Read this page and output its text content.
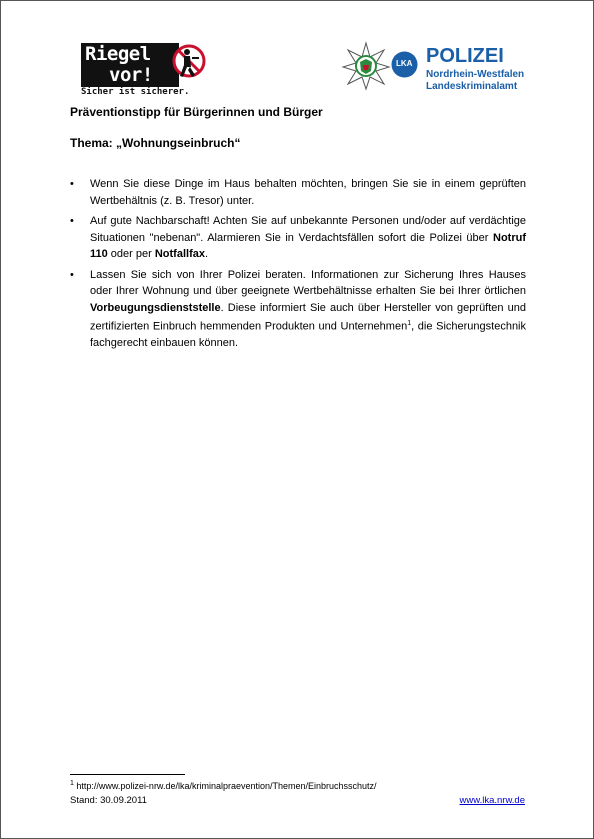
Riegel
vor!
Sicher ist sicherer.
LKA POLIZEI
Nordrhein-Westfalen
Landeskriminalamt
Präventionstipp für Bürgerinnen und Bürger
Thema: „Wohnungseinbruch“
• Wenn Sie diese Dinge im Haus behalten möchten, bringen Sie sie in einem geprüften Wertbehältnis (z. B. Tresor) unter.
• Auf gute Nachbarschaft! Achten Sie auf unbekannte Personen und/oder auf verdächtige Situationen "nebenan". Alarmieren Sie in Verdachtsfällen sofort die Polizei über Notruf 110 oder per Notfallfax.
• Lassen Sie sich von Ihrer Polizei beraten. Informationen zur Sicherung Ihres Hauses oder Ihrer Wohnung und über geeignete Wertbehältnisse erhalten Sie bei Ihrer örtlichen Vorbeugungsdienststelle. Diese informiert Sie auch über Hersteller von geprüften und zertifizierten Einbruch hemmenden Produkten und Unternehmen$^1$, die Sicherungstechnik fachgerecht einbauen können.
$^1$ http://www.polizei-nrw.de/lka/kriminalpraevention/Themen/Einbruchsschutz/
Stand: 30.09.2011	www.lka.nrw.de
